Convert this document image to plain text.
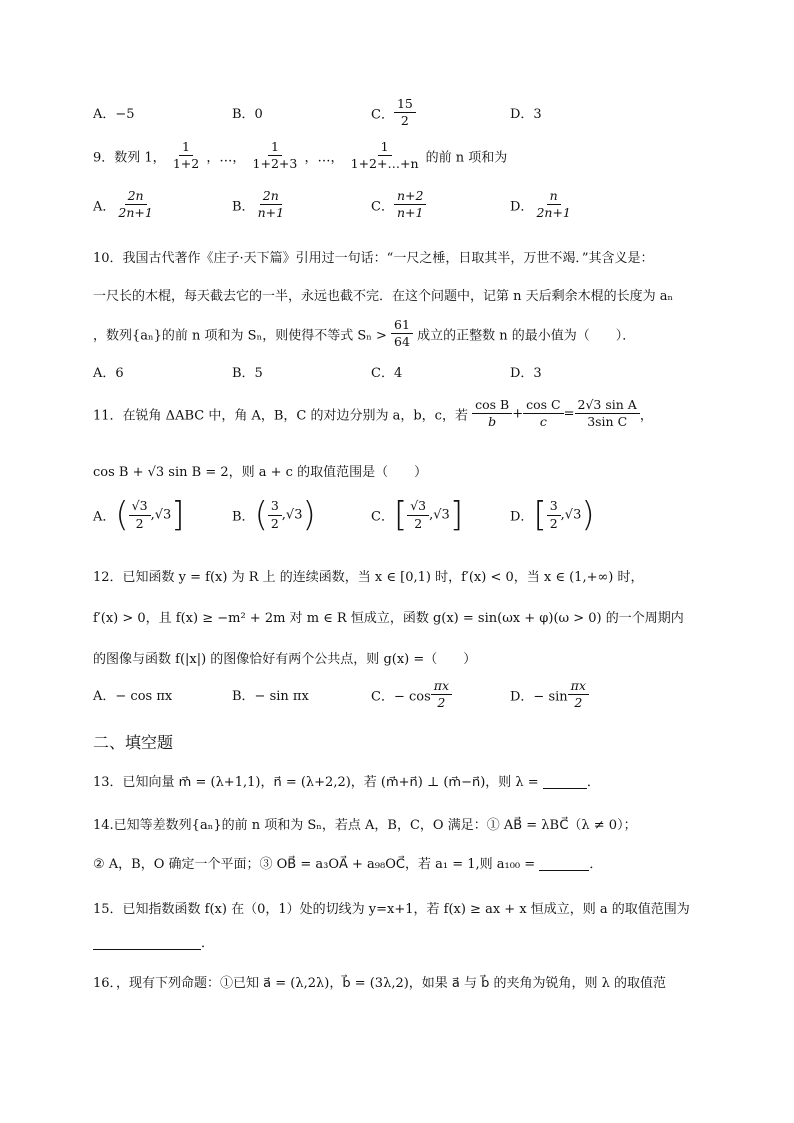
A．−5	B．0	C． $\frac{15}{2}$	D．3
9．数列 1， $\frac{1}{1+2}$ ，…， $\frac{1}{1+2+3}$ ，…， $\frac{1}{1+2+\dots+n}$ 的前 n 项和为
A． $\frac{2n}{2n+1}$	B． $\frac{2n}{n+1}$	C． $\frac{n+2}{n+1}$	D． $\frac{n}{2n+1}$
10．我国古代著作《庄子·天下篇》引用过一句话：“一尺之棰，日取其半，万世不竭．”其含义是：
一尺长的木棍，每天截去它的一半，永远也截不完．在这个问题中，记第 n 天后剩余木棍的长度为 aₙ
，数列{aₙ}的前 n 项和为 Sₙ，则使得不等式 $S_n > \frac{61}{64}$ 成立的正整数 n 的最小值为（　　）．
A．6	B．5	C．4	D．3
11．在锐角 ΔABC 中，角 A，B，C 的对边分别为 a，b，c，若 $\frac{\text{cos B}}{b} + \frac{\text{cos C}}{c} = \frac{\text{2√3 sin A}}{\text{3sin C}}$ ，
cos B + √3 sin B = 2，则 a + c 的取值范围是（　　）
A．( $\frac{√3}{2} ,√3$]	B．( $\frac{3}{2} ,√3$)	C．[ $\frac{√3}{2} ,√3$]	D．[ $\frac{3}{2} ,√3$)
12．已知函数 y = f(x) 为 R 上 的连续函数，当 x ∈ [0,1) 时，f′(x) < 0，当 x ∈ (1,+∞) 时，
f′(x) > 0，且 f(x) ≥ −m² + 2m 对 m ∈ R 恒成立，函数 g(x) = sin(ωx + φ)(ω > 0) 的一个周期内
的图像与函数 f(|x|) 的图像恰好有两个公共点，则 g(x) =（　　）
A．− cos πx	B．− sin πx	C．− $\cos \frac{\pi x}{2}$	D．− $\sin \frac{\pi x}{2}$
二、填空题
13．已知向量 m⃗ = (λ+1,1)，n⃗ = (λ+2,2)，若 (m⃗+n⃗) ⊥ (m⃗−n⃗)，则 λ =	．
14.已知等差数列{aₙ}的前 n 项和为 Sₙ，若点 A，B，C，O 满足：① AB⃗ = λBC⃗（λ ≠ 0）；
② A，B，O 确定一个平面；③ OB⃗ = a₃OA⃗ + a₉₈OC⃗，若 a₁ = 1,则 a₁₀₀ =	．
15．已知指数函数 f(x) 在（0，1）处的切线为 y=x+1，若 f(x) ≥ ax + x 恒成立，则 a 的取值范围为
．
16．，现有下列命题：①已知 a⃗ = (λ,2λ)，b⃗ = (3λ,2)，如果 a⃗ 与 b⃗ 的夹角为锐角，则 λ 的取值范
